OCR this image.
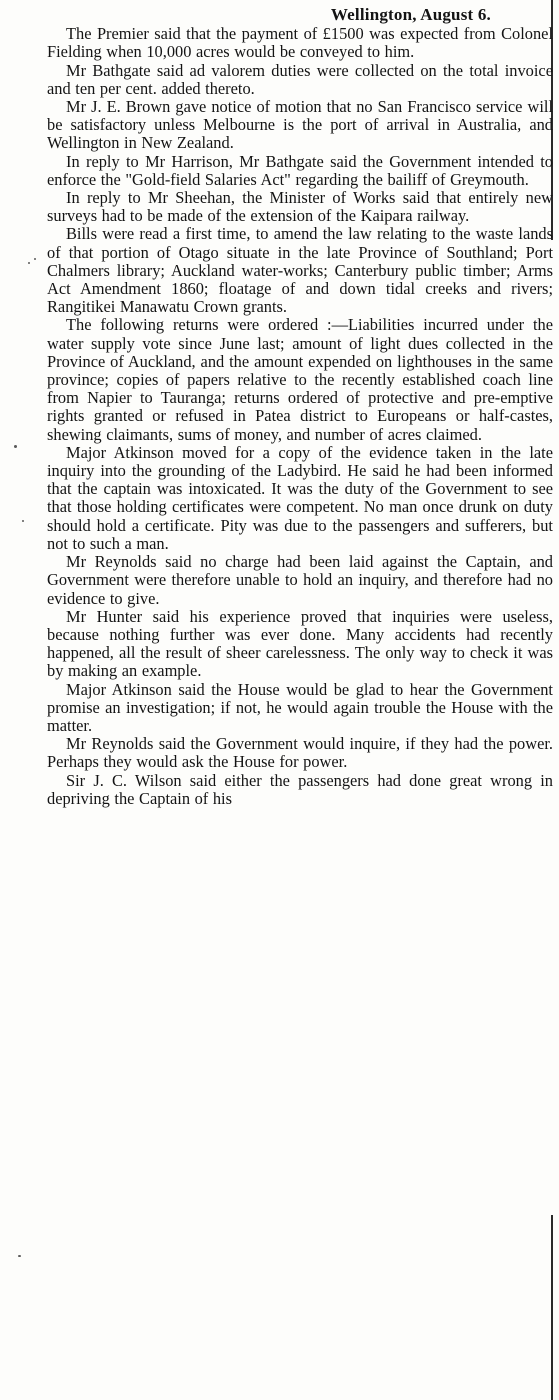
Wellington, August 6.

The Premier said that the payment of £1500 was expected from Colonel Fielding when 10,000 acres would be conveyed to him.

Mr Bathgate said ad valorem duties were collected on the total invoice and ten per cent. added thereto.

Mr J. E. Brown gave notice of motion that no San Francisco service will be satisfactory unless Melbourne is the port of arrival in Australia, and Wellington in New Zealand.

In reply to Mr Harrison, Mr Bathgate said the Government intended to enforce the "Gold-field Salaries Act" regarding the bailiff of Greymouth.

In reply to Mr Sheehan, the Minister of Works said that entirely new surveys had to be made of the extension of the Kaipara railway.

Bills were read a first time, to amend the law relating to the waste lands of that portion of Otago situate in the late Province of Southland; Port Chalmers library; Auckland water-works; Canterbury public timber; Arms Act Amendment 1860; floatage of and down tidal creeks and rivers; Rangitikei Manawatu Crown grants.

The following returns were ordered :—Liabilities incurred under the water supply vote since June last; amount of light dues collected in the Province of Auckland, and the amount expended on lighthouses in the same province; copies of papers relative to the recently established coach line from Napier to Tauranga; returns ordered of protective and pre-emptive rights granted or refused in Patea district to Europeans or half-castes, shewing claimants, sums of money, and number of acres claimed.

Major Atkinson moved for a copy of the evidence taken in the late inquiry into the grounding of the Ladybird. He said he had been informed that the captain was intoxicated. It was the duty of the Government to see that those holding certificates were competent. No man once drunk on duty should hold a certificate. Pity was due to the passengers and sufferers, but not to such a man.

Mr Reynolds said no charge had been laid against the Captain, and Government were therefore unable to hold an inquiry, and therefore had no evidence to give.

Mr Hunter said his experience proved that inquiries were useless, because nothing further was ever done. Many accidents had recently happened, all the result of sheer carelessness. The only way to check it was by making an example.

Major Atkinson said the House would be glad to hear the Government promise an investigation; if not, he would again trouble the House with the matter.

Mr Reynolds said the Government would inquire, if they had the power. Perhaps they would ask the House for power.

Sir J. C. Wilson said either the passengers had done great wrong in depriving the Captain of his
